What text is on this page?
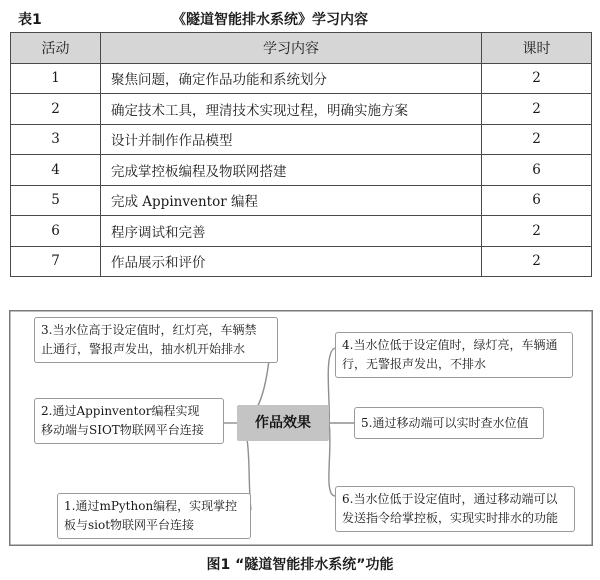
表1	《隧道智能排水系统》学习内容
活动	学习内容	课时
1	聚焦问题，确定作品功能和系统划分	2
2	确定技术工具，理清技术实现过程，明确实施方案	2
3	设计并制作作品模型	2
4	完成掌控板编程及物联网搭建	6
5	完成 Appinventor 编程	6
6	程序调试和完善	2
7	作品展示和评价	2
作品效果
3.当水位高于设定值时，红灯亮，车辆禁
止通行，警报声发出，抽水机开始排水
2.通过Appinventor编程实现
移动端与SIOT物联网平台连接
1.通过mPython编程，实现掌控
板与siot物联网平台连接
4.当水位低于设定值时，绿灯亮，车辆通
行，无警报声发出，不排水
5.通过移动端可以实时查水位值
6.当水位低于设定值时，通过移动端可以
发送指令给掌控板，实现实时排水的功能
图1 “隧道智能排水系统”功能
